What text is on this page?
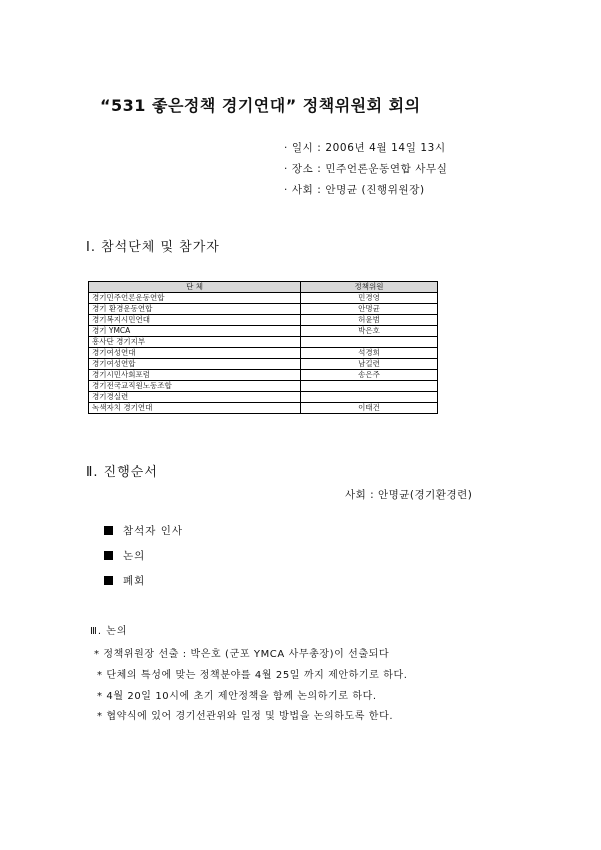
“531 좋은정책 경기연대” 정책위원회 회의
· 일시 : 2006년 4월 14일 13시
· 장소 : 민주언론운동연합 사무실
· 사회 : 안명균 (진행위원장)
Ⅰ. 참석단체 및 참가자
단 체	정책위원
경기민주언론운동연합	민경영
경기 환경운동연합	안명균
경기복지시민연대	허윤범
경기 YMCA	박은호
흥사단 경기지부	
경기여성연대	석경희
경기여성연합	남길련
경기시민사회포럼	송은주
경기전국교직원노동조합	
경기경실련	
녹색자치 경기연대	이태건
Ⅱ. 진행순서
사회 : 안명균(경기환경련)
참석자 인사
논의
폐회
Ⅲ. 논의
* 정책위원장 선출 : 박은호 (군포 YMCA 사무총장)이 선출되다
* 단체의 특성에 맞는 정책분야를 4월 25일 까지 제안하기로 하다.
* 4월 20일 10시에 초기 제안정책을 함께 논의하기로 하다.
* 협약식에 있어 경기선관위와 일정 및 방법을 논의하도록 한다.
